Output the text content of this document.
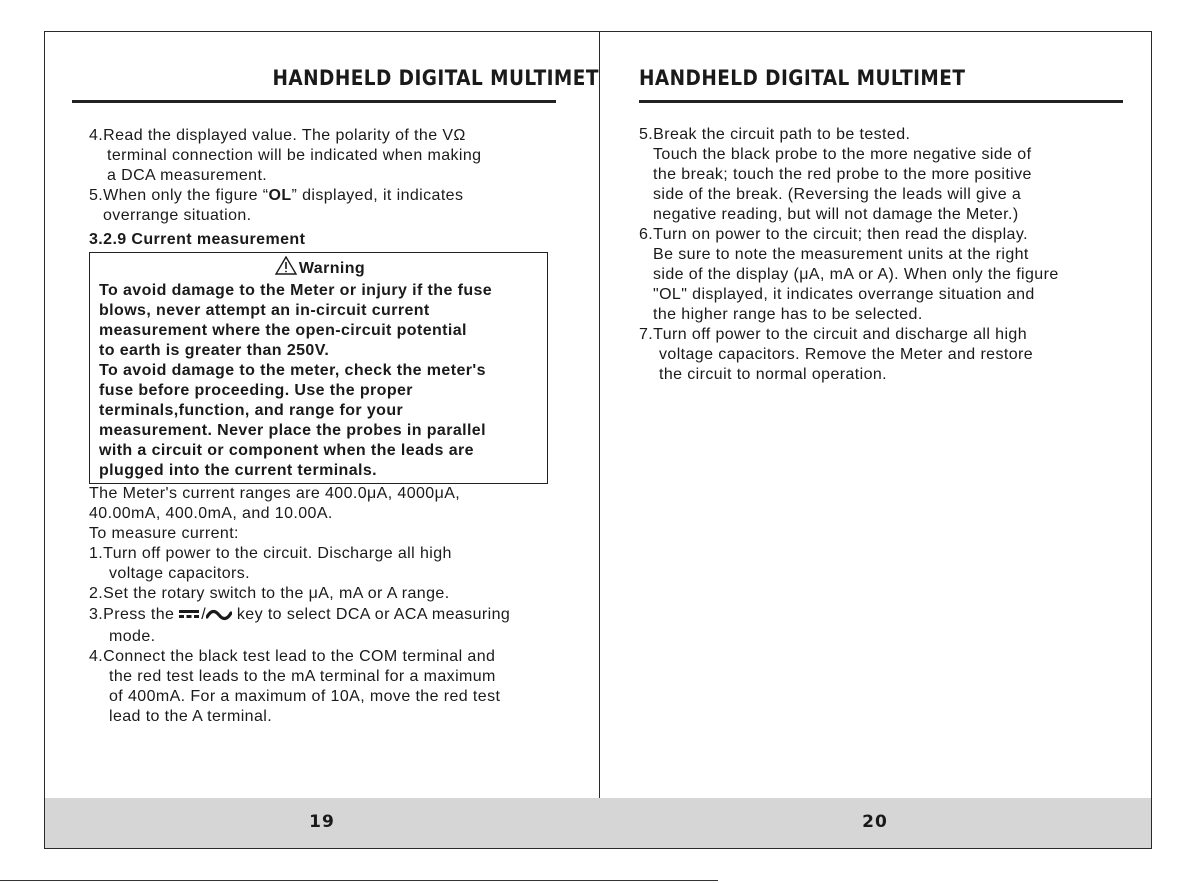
HANDHELD DIGITAL MULTIMET

4.Read the displayed value. The polarity of the VΩ

terminal connection will be indicated when making

a DCA measurement.

5.When only the figure “OL” displayed, it indicates

overrange situation.

3.2.9 Current measurement

Warning

To avoid damage to the Meter or injury if the fuse

blows, never attempt an in-circuit current

measurement where the open-circuit potential

to earth is greater than 250V.

To avoid damage to the meter, check the meter's

fuse before proceeding. Use the proper

terminals,function, and range for your

measurement. Never place the probes in parallel

with a circuit or component when the leads are

plugged into the current terminals.

The Meter's current ranges are 400.0μA, 4000μA,

40.00mA, 400.0mA, and 10.00A.

To measure current:

1.Turn off power to the circuit. Discharge all high

voltage capacitors.

2.Set the rotary switch to the μA, mA or A range.

3.Press the / key to select DCA or ACA measuring

mode.

4.Connect the black test lead to the COM terminal and

the red test leads to the mA terminal for a maximum

of 400mA. For a maximum of 10A, move the red test

lead to the A terminal.

19

HANDHELD DIGITAL MULTIMET

5.Break the circuit path to be tested.

Touch the black probe to the more negative side of

the break; touch the red probe to the more positive

side of the break. (Reversing the leads will give a

negative reading, but will not damage the Meter.)

6.Turn on power to the circuit; then read the display.

Be sure to note the measurement units at the right

side of the display (μA, mA or A). When only the figure

"OL" displayed, it indicates overrange situation and

the higher range has to be selected.

7.Turn off power to the circuit and discharge all high

voltage capacitors. Remove the Meter and restore

the circuit to normal operation.

20
